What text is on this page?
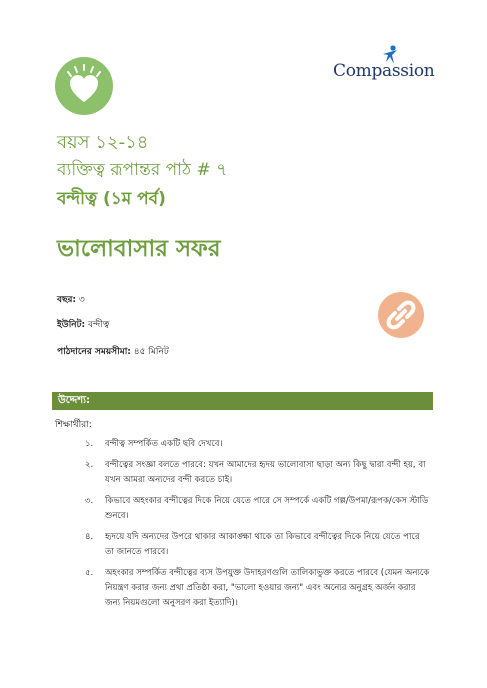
Compassion
বয়স ১২-১৪
ব্যক্তিত্ব রূপান্তর পাঠ # ৭
বন্দীত্ব (১ম পর্ব)
ভালোবাসার সফর
বছর: ৩
ইউনিট: বন্দীত্ব
পাঠদানের সময়সীমা: ৪৫ মিনিট
উদ্দেশ্য:
শিক্ষার্থীরা:
১. বন্দীত্ব সম্পর্কিত একটি ছবি দেখবে।
২. বন্দীত্বের সংজ্ঞা বলতে পারবে: যখন আমাদের হৃদয় ভালোবাসা ছাড়া অন্য কিছু দ্বারা বন্দী হয়, বা যখন আমরা অন্যদের বন্দী করতে চাই।
৩. কিভাবে অহংকার বন্দীত্বের দিকে নিয়ে যেতে পারে সে সম্পর্কে একটি গল্প/উপমা/রূপক/কেস স্টাডি শুনবে।
৪. হৃদয়ে যদি অন্যদের উপরে থাকার আকাঙ্ক্ষা থাকে তা কিভাবে বন্দীত্বের দিকে নিয়ে যেতে পারে তা জানতে পারবে।
৫. অহংকার সম্পর্কিত বন্দীত্বের ব্যস উপযুক্ত উদাহরণগুলি তালিকাভুক্ত করতে পারবে (যেমন অন্যকে নিয়ন্ত্রণ করার জন্য প্রথা প্রতিষ্ঠা করা, "ভালো হওয়ার জন্য" এবং অন্যের অনুগ্রহ অর্জন করার জন্য নিয়মগুলো অনুসরণ করা ইত্যাদি)।
